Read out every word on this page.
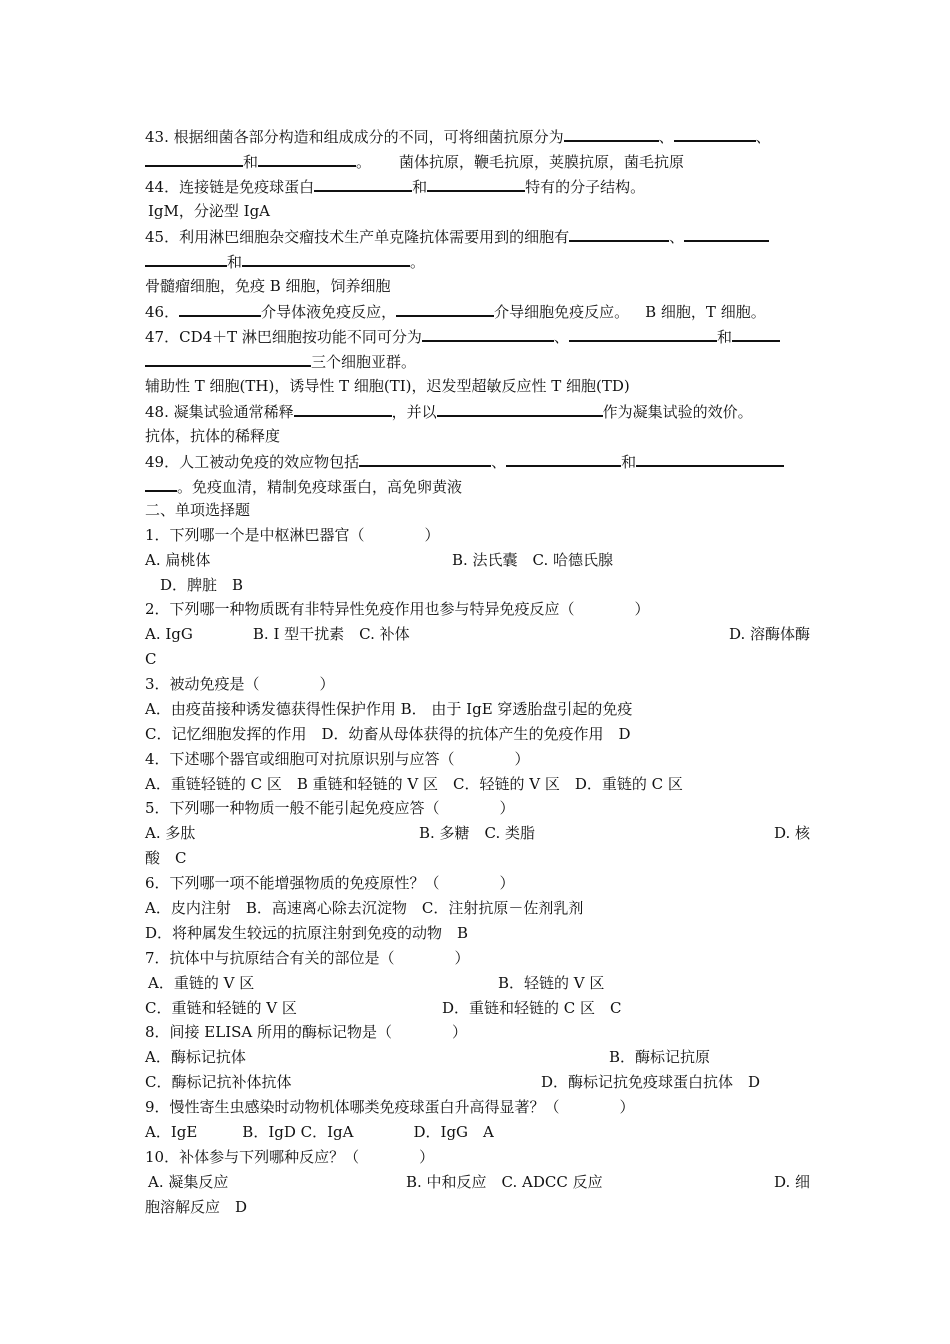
43. 根据细菌各部分构造和组成成分的不同，可将细菌抗原分为	、	、
和	。 菌体抗原，鞭毛抗原，荚膜抗原，菌毛抗原
44．连接链是免疫球蛋白	和	特有的分子结构。
IgM，分泌型 IgA
45．利用淋巴细胞杂交瘤技术生产单克隆抗体需要用到的细胞有	、
和	。
骨髓瘤细胞，免疫 B 细胞，饲养细胞
46．	介导体液免疫反应，	介导细胞免疫反应。 B 细胞，T 细胞。
47．CD4＋T 淋巴细胞按功能不同可分为	、	和
三个细胞亚群。
辅助性 T 细胞(TH)，诱导性 T 细胞(TI)，迟发型超敏反应性 T 细胞(TD)
48. 凝集试验通常稀释	，并以	作为凝集试验的效价。
抗体，抗体的稀释度
49．人工被动免疫的效应物包括	、	和
。免疫血清，精制免疫球蛋白，高免卵黄液
二、单项选择题
1．下列哪一个是中枢淋巴器官（　　　　）
A. 扁桃体	B. 法氏囊　C. 哈德氏腺
D．脾脏　B
2．下列哪一种物质既有非特异性免疫作用也参与特异免疫反应（　　　　）
A. IgG　　　　B. I 型干扰素　C. 补体	D. 溶酶体酶
C
3．被动免疫是（　　　　）
A．由疫苗接种诱发德获得性保护作用 B． 由于 IgE 穿透胎盘引起的免疫
C．记忆细胞发挥的作用　D．幼畜从母体获得的抗体产生的免疫作用　D
4．下述哪个器官或细胞可对抗原识别与应答（　　　　）
A．重链轻链的 C 区　B 重链和轻链的 V 区　C．轻链的 V 区　D．重链的 C 区
5．下列哪一种物质一般不能引起免疫应答（　　　　）
A. 多肽	B. 多糖　C. 类脂	D. 核
酸　C
6．下列哪一项不能增强物质的免疫原性？（　　　　）
A．皮内注射　B．高速离心除去沉淀物　C．注射抗原－佐剂乳剂
D．将种属发生较远的抗原注射到免疫的动物　B
7．抗体中与抗原结合有关的部位是（　　　　）
A．重链的 V 区	B．轻链的 V 区
C．重链和轻链的 V 区	D．重链和轻链的 C 区　C
8．间接 ELISA 所用的酶标记物是（　　　　）
A．酶标记抗体	B．酶标记抗原
C．酶标记抗补体抗体	D．酶标记抗免疫球蛋白抗体　D
9．慢性寄生虫感染时动物机体哪类免疫球蛋白升高得显著？（　　　　）
A．IgE　　　B．IgD C．IgA　　　　D．IgG　A
10．补体参与下列哪种反应？（　　　　）
A. 凝集反应	B. 中和反应　C. ADCC 反应	D. 细
胞溶解反应　D
